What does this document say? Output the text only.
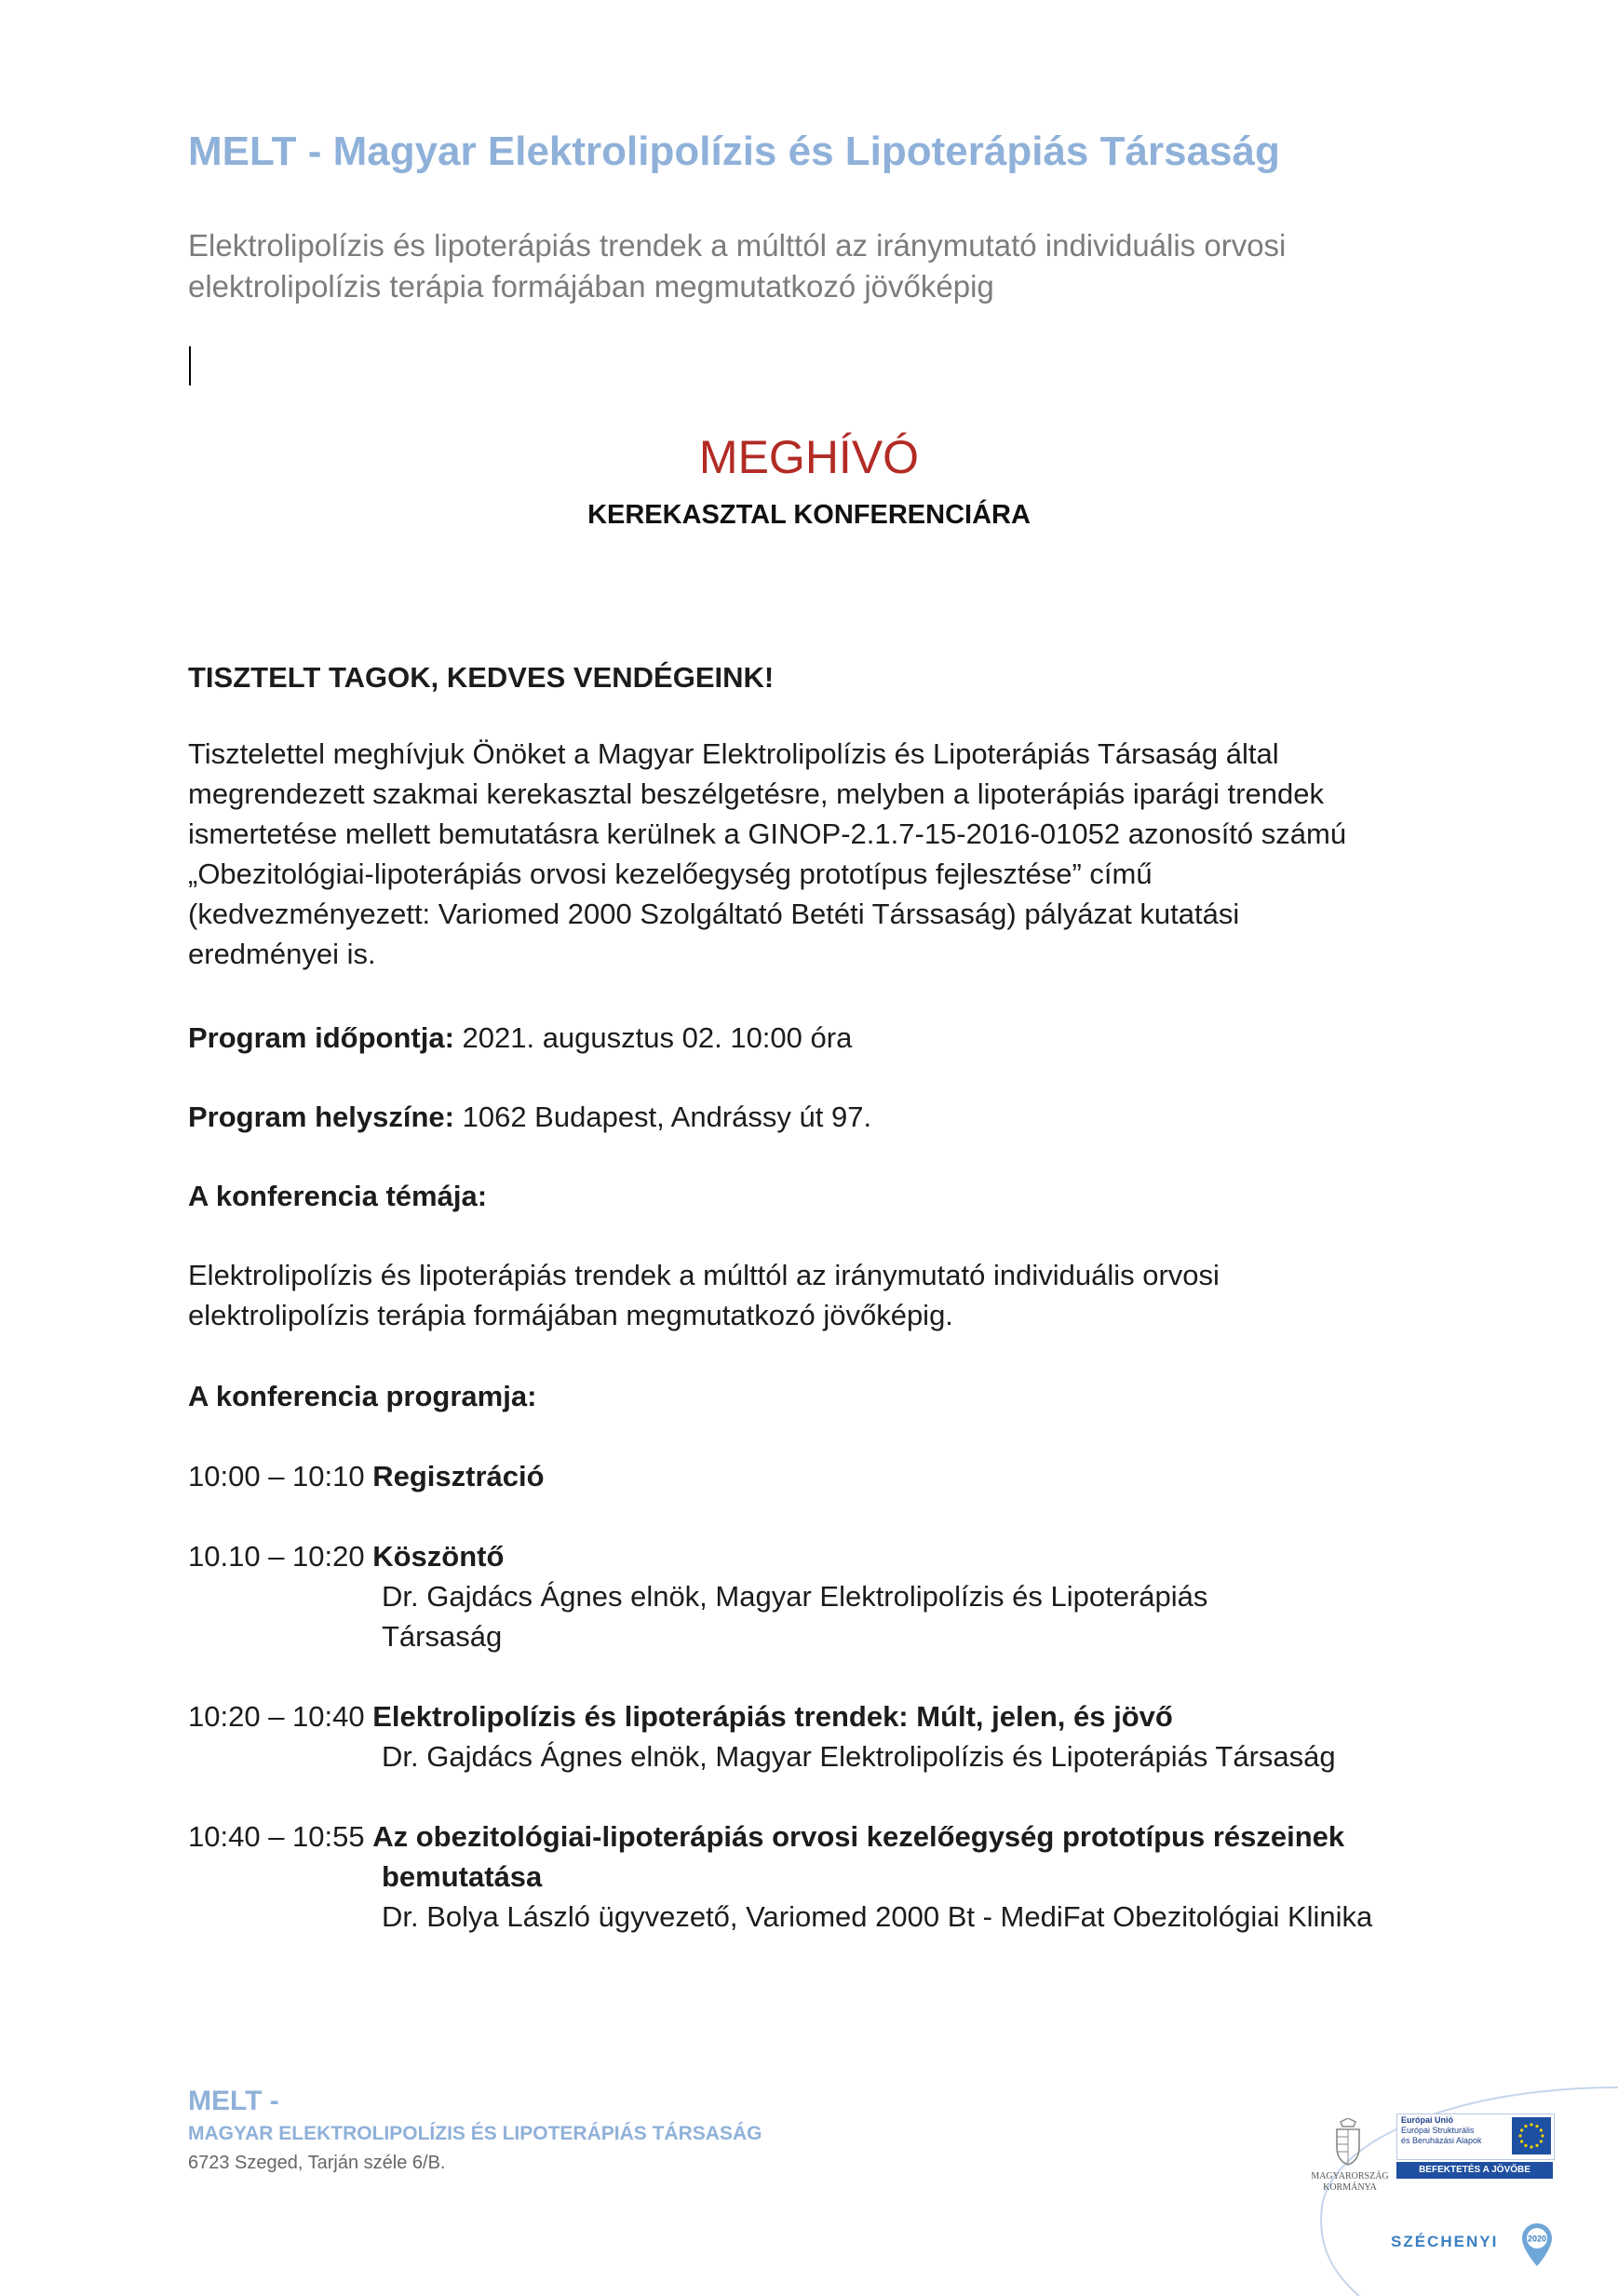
MELT - Magyar Elektrolipolízis és Lipoterápiás Társaság
Elektrolipolízis és lipoterápiás trendek a múlttól az iránymutató individuális orvosi
elektrolipolízis terápia formájában megmutatkozó jövőképig
MEGHÍVÓ
KEREKASZTAL KONFERENCIÁRA
TISZTELT TAGOK, KEDVES VENDÉGEINK!
Tisztelettel meghívjuk Önöket a Magyar Elektrolipolízis és Lipoterápiás Társaság által
megrendezett szakmai kerekasztal beszélgetésre, melyben a lipoterápiás iparági trendek
ismertetése mellett bemutatásra kerülnek a GINOP-2.1.7-15-2016-01052 azonosító számú
„Obezitológiai-lipoterápiás orvosi kezelőegység prototípus fejlesztése” című
(kedvezményezett: Variomed 2000 Szolgáltató Betéti Társsaság) pályázat kutatási
eredményei is.
Program időpontja: 2021. augusztus 02. 10:00 óra
Program helyszíne: 1062 Budapest, Andrássy út 97.
A konferencia témája:
Elektrolipolízis és lipoterápiás trendek a múlttól az iránymutató individuális orvosi
elektrolipolízis terápia formájában megmutatkozó jövőképig.
A konferencia programja:
10:00 – 10:10 Regisztráció
10.10 – 10:20 Köszöntő
Dr. Gajdács Ágnes elnök, Magyar Elektrolipolízis és Lipoterápiás
Társaság
10:20 – 10:40 Elektrolipolízis és lipoterápiás trendek: Múlt, jelen, és jövő
Dr. Gajdács Ágnes elnök, Magyar Elektrolipolízis és Lipoterápiás Társaság
10:40 – 10:55 Az obezitológiai-lipoterápiás orvosi kezelőegység prototípus részeinek
bemutatása
Dr. Bolya László ügyvezető, Variomed 2000 Bt - MediFat Obezitológiai Klinika
MELT -
MAGYAR ELEKTROLIPOLÍZIS ÉS LIPOTERÁPIÁS TÁRSASÁG
6723 Szeged, Tarján széle 6/B.
MAGYARORSZÁG
KORMÁNYA
Európai Unió
Európai Strukturális
és Beruházási Alapok
BEFEKTETÉS A JÖVŐBE
SZÉCHENYI	2020
